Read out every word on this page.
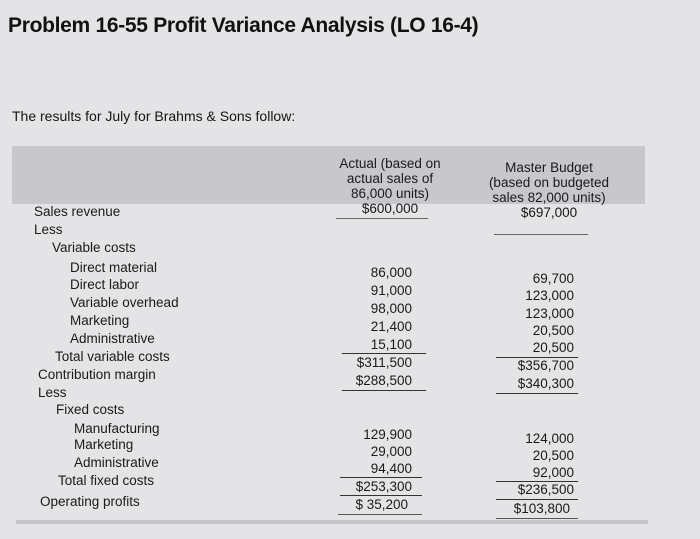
Problem 16-55 Profit Variance Analysis (LO 16-4)
The results for July for Brahms & Sons follow:
Actual (based on
actual sales of
86,000 units)
$600,000
Master Budget
(based on budgeted
sales 82,000 units)
$697,000
Sales revenue
Less
Variable costs
Direct material
Direct labor
Variable overhead
Marketing
Administrative
Total variable costs
Contribution margin
Less
Fixed costs
Manufacturing
Marketing
Administrative
Total fixed costs
Operating profits
86,000
91,000
98,000
21,400
15,100
$311,500
$288,500
129,900
29,000
94,400
$253,300
$ 35,200
69,700
123,000
123,000
20,500
20,500
$356,700
$340,300
124,000
20,500
92,000
$236,500
$103,800
